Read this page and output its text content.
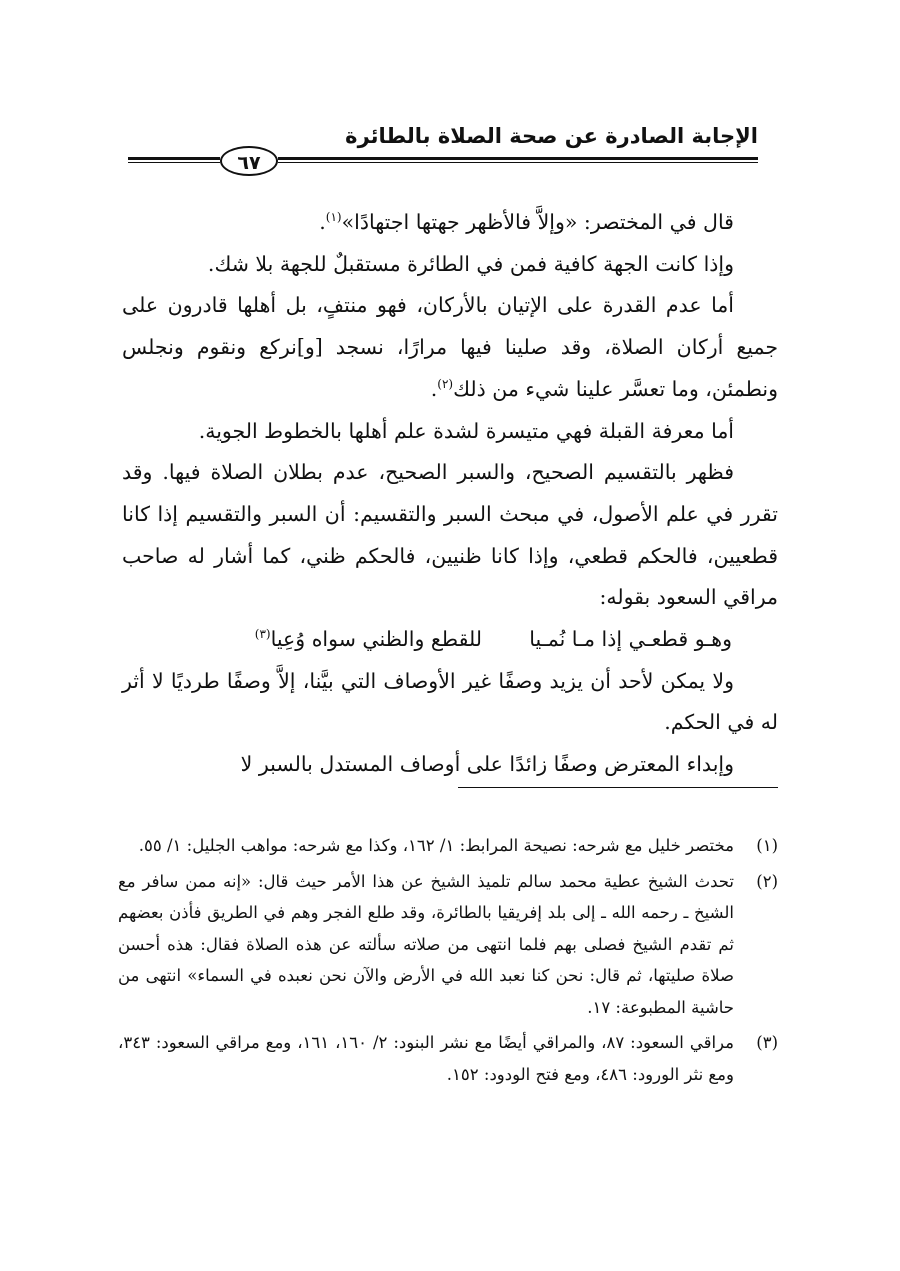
الإجابة الصادرة عن صحة الصلاة بالطائرة
٦٧

قال في المختصر: «وإلاَّ فالأظهر جهتها اجتهادًا»$^{(١)}$.

وإذا كانت الجهة كافية فمن في الطائرة مستقبلٌ للجهة بلا شك.

أما عدم القدرة على الإتيان بالأركان، فهو منتفٍ، بل أهلها قادرون على جميع أركان الصلاة، وقد صلينا فيها مرارًا، نسجد [و]نركع ونقوم ونجلس ونطمئن، وما تعسَّر علينا شيء من ذلك$^{(٢)}$.

أما معرفة القبلة فهي متيسرة لشدة علم أهلها بالخطوط الجوية.

فظهر بالتقسيم الصحيح، والسبر الصحيح، عدم بطلان الصلاة فيها. وقد تقرر في علم الأصول، في مبحث السبر والتقسيم: أن السبر والتقسيم إذا كانا قطعيين، فالحكم قطعي، وإذا كانا ظنيين، فالحكم ظني، كما أشار له صاحب مراقي السعود بقوله:

وهـو قطعـي إذا مـا نُمـيا
للقطع والظني سواه وُعِيا$^{(٣)}$

ولا يمكن لأحد أن يزيد وصفًا غير الأوصاف التي بيَّنا، إلاَّ وصفًا طرديًا لا أثر له في الحكم.

وإبداء المعترض وصفًا زائدًا على أوصاف المستدل بالسبر لا

(١)
مختصر خليل مع شرحه: نصيحة المرابط: ١/ ١٦٢، وكذا مع شرحه: مواهب الجليل: ١/ ٥٥.
(٢)
تحدث الشيخ عطية محمد سالم تلميذ الشيخ عن هذا الأمر حيث قال: «إنه ممن سافر مع الشيخ ـ رحمه الله ـ إلى بلد إفريقيا بالطائرة، وقد طلع الفجر وهم في الطريق فأذن بعضهم ثم تقدم الشيخ فصلى بهم فلما انتهى من صلاته سألته عن هذه الصلاة فقال: هذه أحسن صلاة صليتها، ثم قال: نحن كنا نعبد الله في الأرض والآن نحن نعبده في السماء» انتهى من حاشية المطبوعة: ١٧.
(٣)
مراقي السعود: ٨٧، والمراقي أيضًا مع نشر البنود: ٢/ ١٦٠، ١٦١، ومع مراقي السعود: ٣٤٣، ومع نثر الورود: ٤٨٦، ومع فتح الودود: ١٥٢.
